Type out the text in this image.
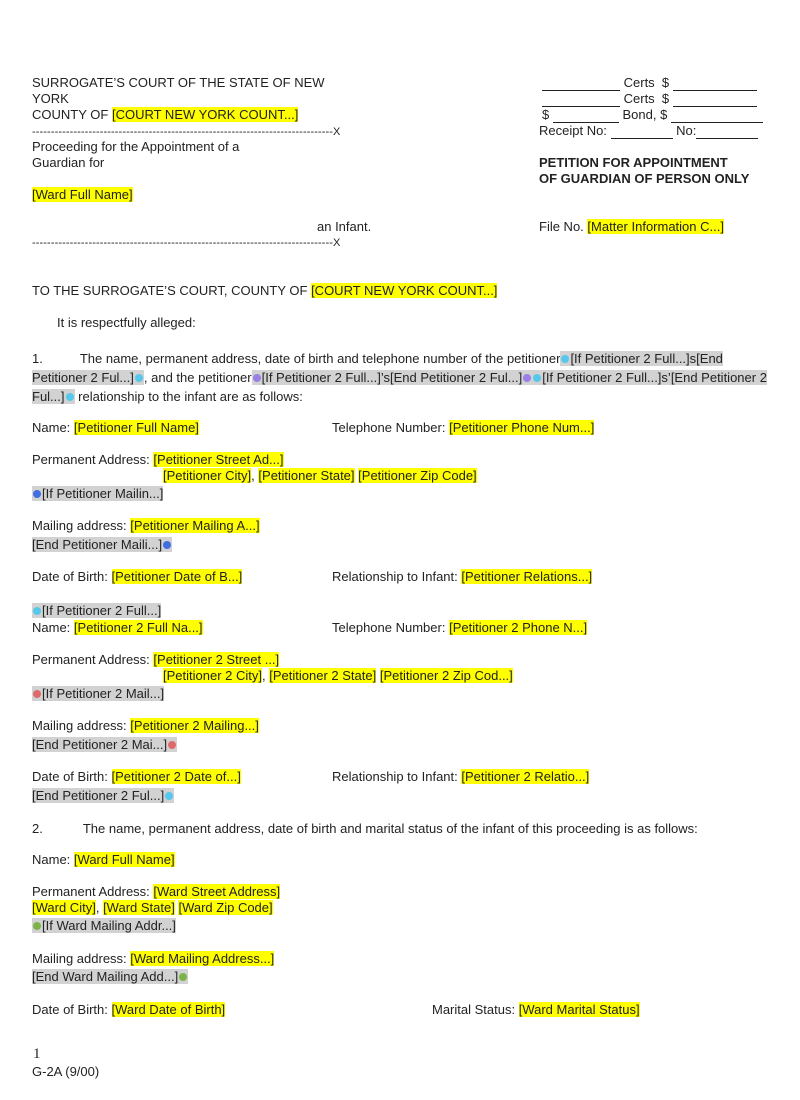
SURROGATE’S COURT OF THE STATE OF NEW
YORK
COUNTY OF [COURT NEW YORK COUNT...]
--------------------------------------------------------------------------------X
Proceeding for the Appointment of a
Guardian for
[Ward Full Name]
an Infant.
--------------------------------------------------------------------------------X
Certs $
Certs $
$	Bond, $
Receipt No:	No:
PETITION FOR APPOINTMENT
OF GUARDIAN OF PERSON ONLY
File No. [Matter Information C...]
TO THE SURROGATE’S COURT, COUNTY OF [COURT NEW YORK COUNT...]
It is respectfully alleged:
1.	The name, permanent address, date of birth and telephone number of the petitioner [If Petitioner 2 Full...]s[End Petitioner 2 Ful...] , and the petitioner [If Petitioner 2 Full...]’s[End Petitioner 2 Ful...] [If Petitioner 2 Full...]s’[End Petitioner 2 Ful...] relationship to the infant are as follows:
Name: [Petitioner Full Name]	Telephone Number: [Petitioner Phone Num...]
Permanent Address: [Petitioner Street Ad...]
[Petitioner City], [Petitioner State] [Petitioner Zip Code]
[If Petitioner Mailin...]
Mailing address: [Petitioner Mailing A...]
[End Petitioner Maili...]
Date of Birth: [Petitioner Date of B...]	Relationship to Infant: [Petitioner Relations...]
[If Petitioner 2 Full...]
Name: [Petitioner 2 Full Na...]	Telephone Number: [Petitioner 2 Phone N...]
Permanent Address: [Petitioner 2 Street ...]
[Petitioner 2 City], [Petitioner 2 State] [Petitioner 2 Zip Cod...]
[If Petitioner 2 Mail...]
Mailing address: [Petitioner 2 Mailing...]
[End Petitioner 2 Mai...]
Date of Birth: [Petitioner 2 Date of...]	Relationship to Infant: [Petitioner 2 Relatio...]
[End Petitioner 2 Ful...]
2.	The name, permanent address, date of birth and marital status of the infant of this proceeding is as follows:
Name: [Ward Full Name]
Permanent Address: [Ward Street Address]
[Ward City], [Ward State] [Ward Zip Code]
[If Ward Mailing Addr...]
Mailing address: [Ward Mailing Address...]
[End Ward Mailing Add...]
Date of Birth: [Ward Date of Birth]	Marital Status: [Ward Marital Status]
1
G-2A (9/00)
